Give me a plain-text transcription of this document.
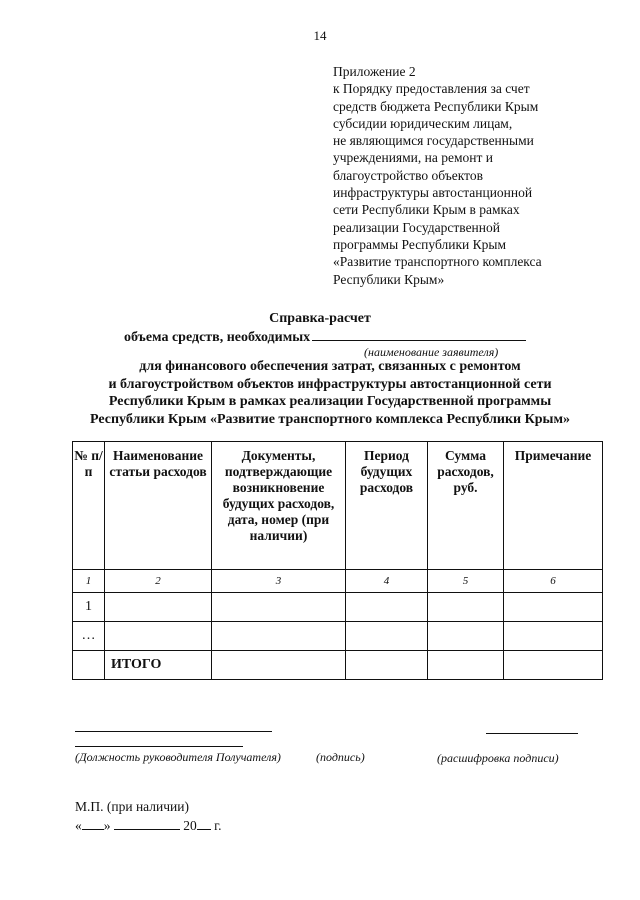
14
Приложение 2
к Порядку предоставления за счет
средств бюджета Республики Крым
субсидии юридическим лицам,
не являющимся государственными
учреждениями, на ремонт и
благоустройство объектов
инфраструктуры автостанционной
сети Республики Крым в рамках
реализации Государственной
программы Республики Крым
«Развитие транспортного комплекса
Республики Крым»
Справка-расчет
объема средств, необходимых
(наименование заявителя)
для финансового обеспечения затрат, связанных с ремонтом
и благоустройством объектов инфраструктуры автостанционной сети
Республики Крым в рамках реализации Государственной программы
Республики Крым «Развитие транспортного комплекса Республики Крым»
№ п/п	Наименование статьи расходов	Документы, подтверждающие возникновение будущих расходов, дата, номер (при наличии)	Период будущих расходов	Сумма расходов, руб.	Примечание
1	2	3	4	5	6
1					
…					
	ИТОГО				
(Должность руководителя Получателя)	(подпись)	(расшифровка подписи)
М.П. (при наличии)
« »	20 г.
